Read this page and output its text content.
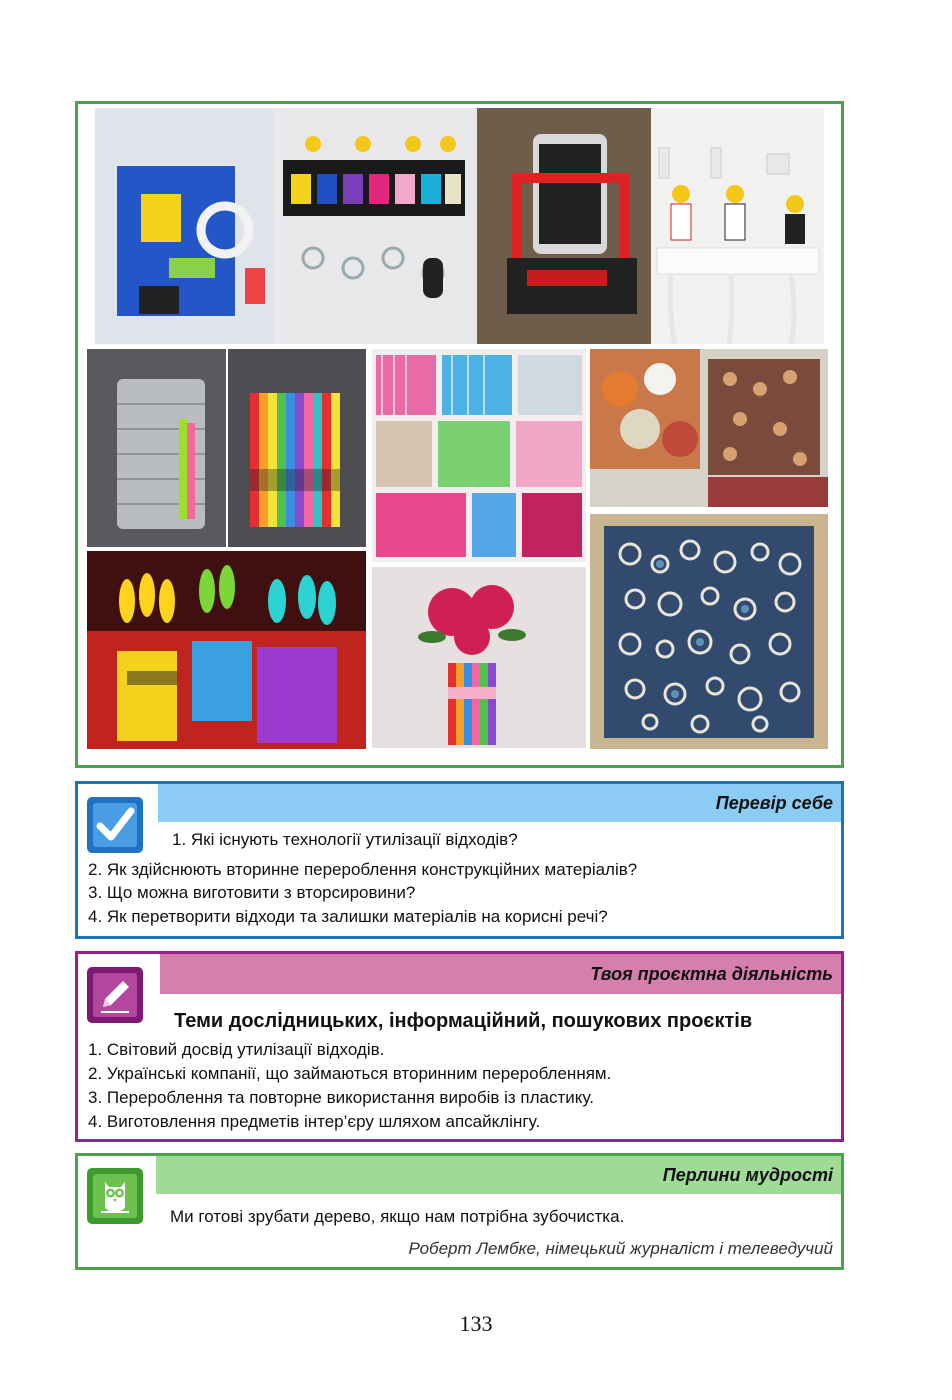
Перевір себе
1. Які існують технології утилізації відходів?
2. Як здійснюють вторинне перероблення конструкційних матеріалів?
3. Що можна виготовити з вторсировини?
4. Як перетворити відходи та залишки матеріалів на корисні речі?
Твоя проєктна діяльність
Теми дослідницьких, інформаційний, пошукових проєктів
1. Світовий досвід утилізації відходів.
2. Українські компанії, що займаються вторинним переробленням.
3. Перероблення та повторне використання виробів із пластику.
4. Виготовлення предметів інтер’єру шляхом апсайклінгу.
Перлини мудрості
Ми готові зрубати дерево, якщо нам потрібна зубочистка.
Роберт Лембке, німецький журналіст і телеведучий
133
